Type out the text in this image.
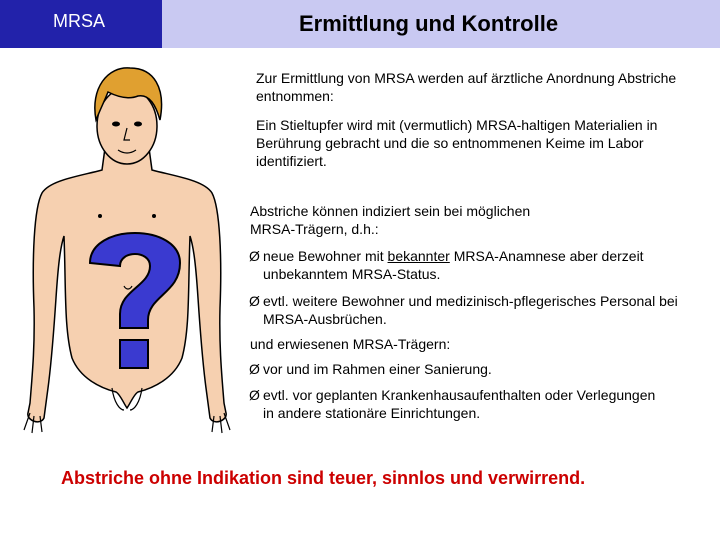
MRSA	Ermittlung und Kontrolle
Zur Ermittlung von MRSA werden auf ärztliche Anordnung Abstriche entnommen:
Ein Stieltupfer wird mit (vermutlich) MRSA-haltigen Materialien in Berührung gebracht und die so entnommenen Keime im Labor identifiziert.
Abstriche können indiziert sein bei möglichen MRSA-Trägern, d.h.:
Ø neue Bewohner mit bekannter MRSA-Anamnese aber derzeit unbekanntem MRSA-Status.
Ø evtl. weitere Bewohner und medizinisch-pflegerisches Personal bei MRSA-Ausbrüchen.
und erwiesenen MRSA-Trägern:
Ø vor und im Rahmen einer Sanierung.
Ø evtl. vor geplanten Krankenhausaufenthalten oder Verlegungen in andere stationäre Einrichtungen.
Abstriche ohne Indikation sind teuer, sinnlos und verwirrend.
